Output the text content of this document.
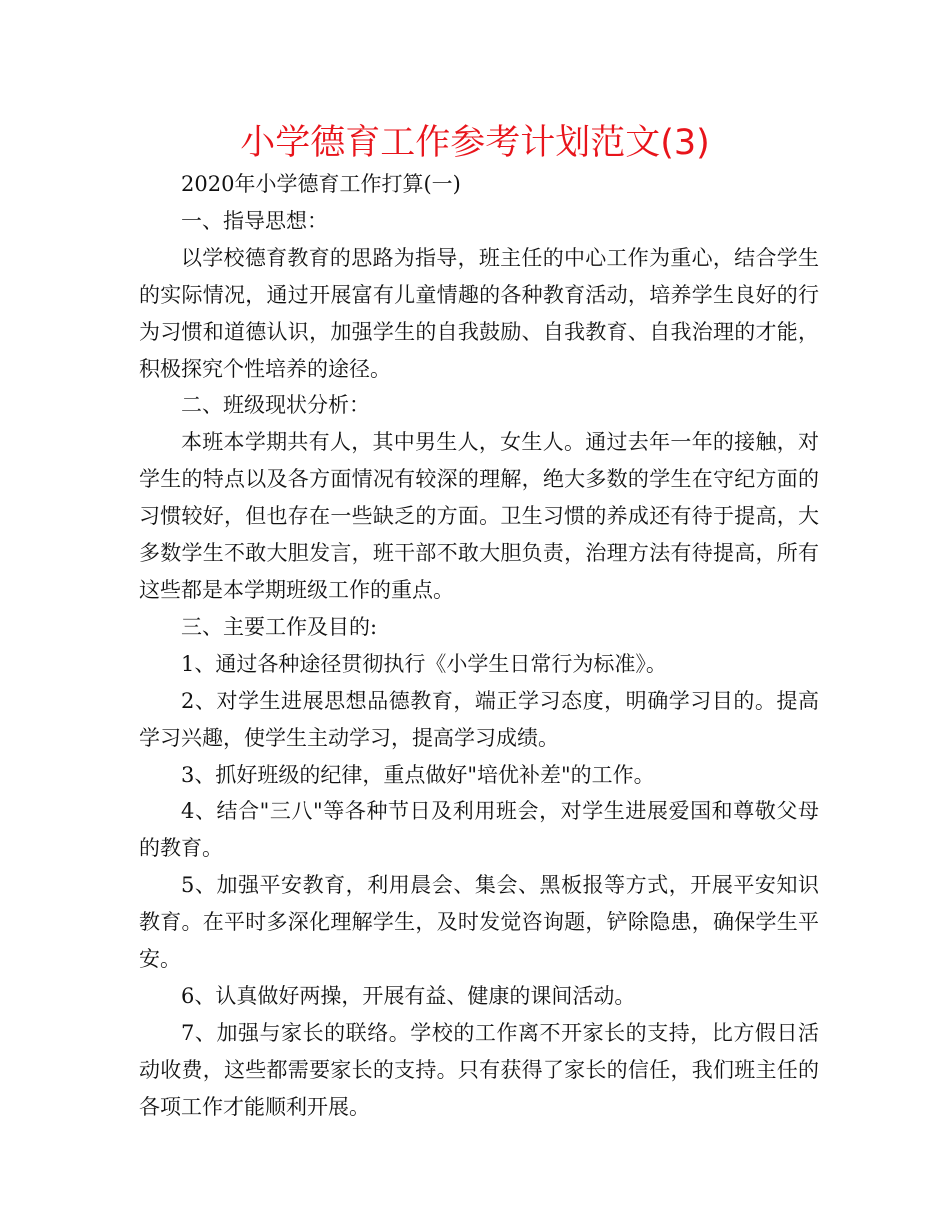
小学德育工作参考计划范文(3)

2020年小学德育工作打算(一)

一、指导思想：

以学校德育教育的思路为指导，班主任的中心工作为重心，结合学生的实际情况，通过开展富有儿童情趣的各种教育活动，培养学生良好的行为习惯和道德认识，加强学生的自我鼓励、自我教育、自我治理的才能，积极探究个性培养的途径。

二、班级现状分析：

本班本学期共有人，其中男生人，女生人。通过去年一年的接触，对学生的特点以及各方面情况有较深的理解，绝大多数的学生在守纪方面的习惯较好，但也存在一些缺乏的方面。卫生习惯的养成还有待于提高，大多数学生不敢大胆发言，班干部不敢大胆负责，治理方法有待提高，所有这些都是本学期班级工作的重点。

三、主要工作及目的:

1、通过各种途径贯彻执行《小学生日常行为标准》。

2、对学生进展思想品德教育，端正学习态度，明确学习目的。提高学习兴趣，使学生主动学习，提高学习成绩。

3、抓好班级的纪律，重点做好"培优补差"的工作。

4、结合"三八"等各种节日及利用班会，对学生进展爱国和尊敬父母的教育。

5、加强平安教育，利用晨会、集会、黑板报等方式，开展平安知识教育。在平时多深化理解学生，及时发觉咨询题，铲除隐患，确保学生平安。

6、认真做好两操，开展有益、健康的课间活动。

7、加强与家长的联络。学校的工作离不开家长的支持，比方假日活动收费，这些都需要家长的支持。只有获得了家长的信任，我们班主任的各项工作才能顺利开展。
